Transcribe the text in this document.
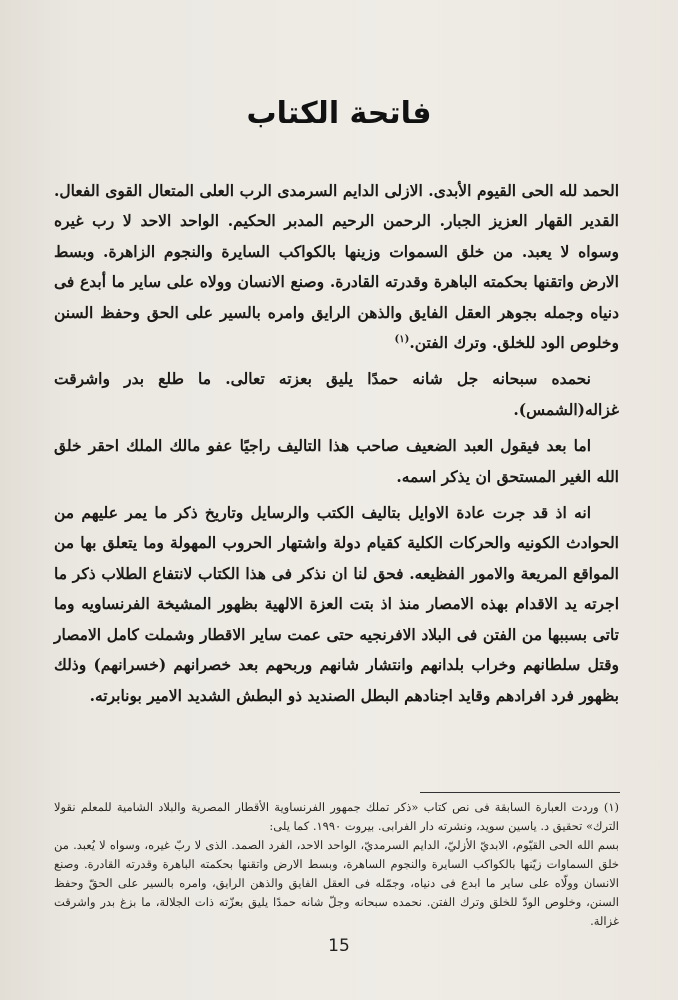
فاتحة الكتاب

الحمد لله الحى القيوم الأبدى. الازلى الدايم السرمدى الرب العلى المتعال القوى الفعال. القدير القهار العزيز الجبار. الرحمن الرحيم المدبر الحكيم. الواحد الاحد لا رب غيره وسواه لا يعبد. من خلق السموات وزينها بالكواكب السايرة والنجوم الزاهرة. وبسط الارض واتقنها بحكمته الباهرة وقدرته القادرة. وصنع الانسان وولاه على ساير ما أبدع فى دنياه وجمله بجوهر العقل الفايق والذهن الرايق وامره بالسير على الحق وحفظ السنن وخلوص الود للخلق. وترك الفتن.$^{(١)}$

نحمده سبحانه جل شانه حمدًا يليق بعزته تعالى. ما طلع بدر واشرقت غزاله(الشمس).

اما بعد فيقول العبد الضعيف صاحب هذا التاليف راجيًا عفو مالك الملك احقر خلق الله الغير المستحق ان يذكر اسمه.

انه اذ قد جرت عادة الاوايل بتاليف الكتب والرسايل وتاريخ ذكر ما يمر عليهم من الحوادث الكونيه والحركات الكلية كقيام دولة واشتهار الحروب المهولة وما يتعلق بها من المواقع المريعة والامور الفظيعه. فحق لنا ان نذكر فى هذا الكتاب لانتفاع الطلاب ذكر ما اجرته يد الاقدام بهذه الامصار منذ اذ بتت العزة الالهية بظهور المشيخة الفرنساويه وما تاتى بسببها من الفتن فى البلاد الافرنجيه حتى عمت ساير الاقطار وشملت كامل الامصار وقتل سلطانهم وخراب بلدانهم وانتشار شانهم وربحهم بعد خصرانهم (خسرانهم) وذلك بظهور فرد افرادهم وقايد اجنادهم البطل الصنديد ذو البطش الشديد الامير بونابرته.

(١) وردت العبارة السابقة فى نص كتاب «ذكر تملك جمهور الفرنساوية الأقطار المصرية والبلاد الشامية للمعلم نقولا الترك» تحقيق د. ياسين سويد، ونشرته دار الفرابى. بيروت ١٩٩٠. كما يلى:
بسم الله الحى القيّوم، الابديّ الأزليّ، الدايم السرمديّ، الواحد الاحد، الفرد الصمد. الذى لا ربّ غيره، وسواه لا يُعبد. من خلق السماوات زيّنها بالكواكب السايرة والنجوم الساهرة، وبسط الارض واتقنها بحكمته الباهرة وقدرته القادرة. وصنع الانسان وولّاه على ساير ما ابدع فى دنياه، وجمّله فى العقل الفايق والذهن الرايق، وامره بالسير على الحقّ وحفظ السنن، وخلوص الودّ للخلق وترك الفتن. نحمده سبحانه وجلّ شانه حمدًا يليق بعزّته ذات الجلالة، ما بزغ بدر واشرقت غزالة.
15
